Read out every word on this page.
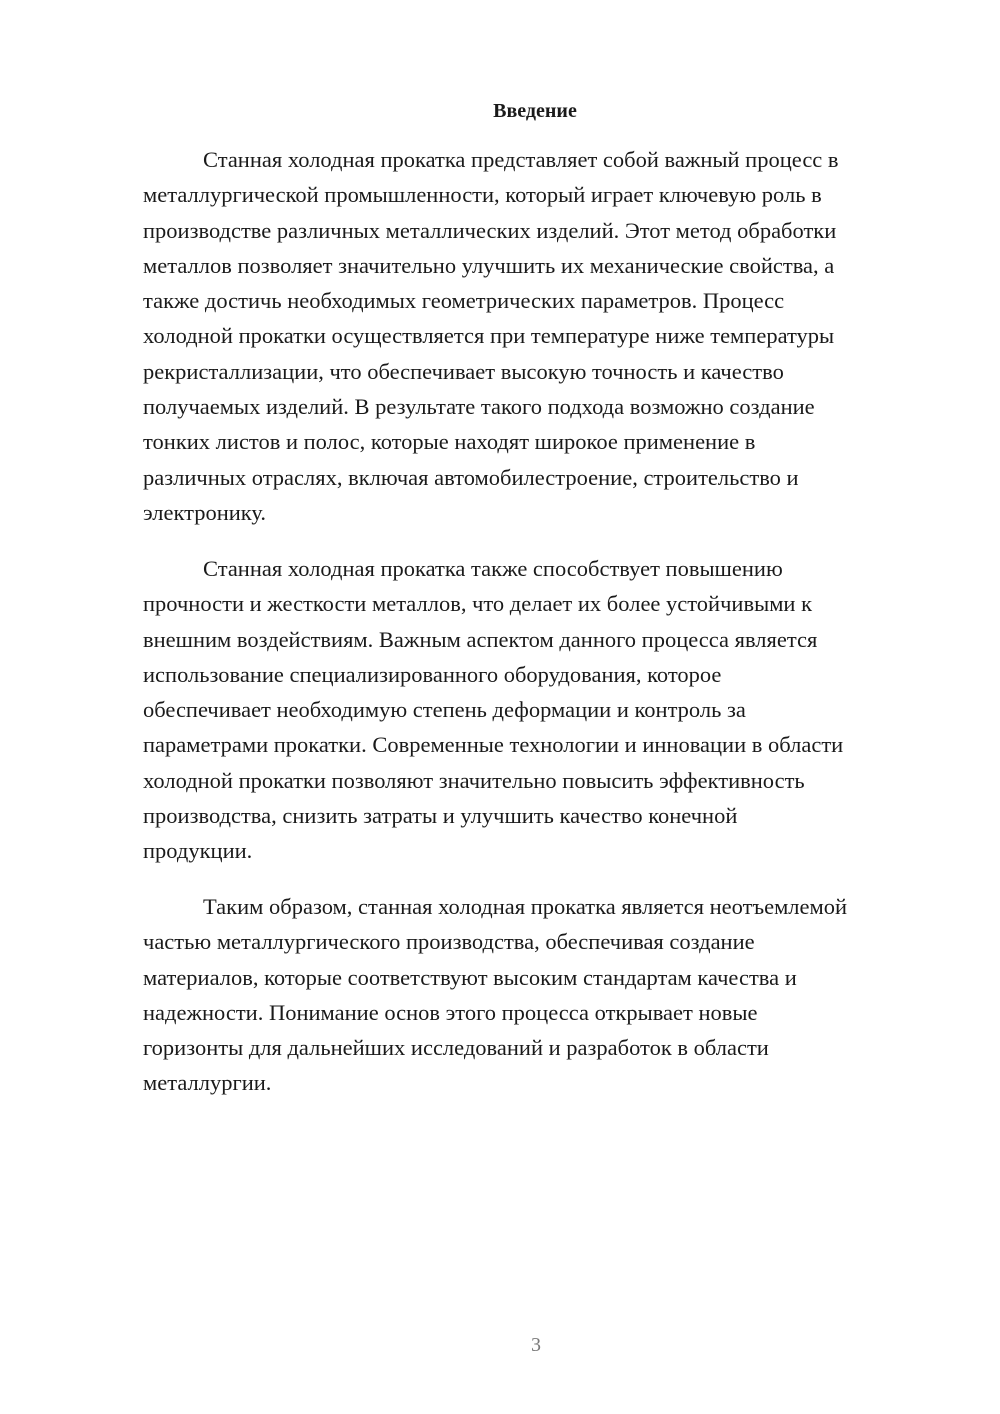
Введение

Станная холодная прокатка представляет собой важный процесс в
металлургической промышленности, который играет ключевую роль в
производстве различных металлических изделий. Этот метод обработки
металлов позволяет значительно улучшить их механические свойства, а
также достичь необходимых геометрических параметров. Процесс
холодной прокатки осуществляется при температуре ниже температуры
рекристаллизации, что обеспечивает высокую точность и качество
получаемых изделий. В результате такого подхода возможно создание
тонких листов и полос, которые находят широкое применение в
различных отраслях, включая автомобилестроение, строительство и
электронику.

Станная холодная прокатка также способствует повышению
прочности и жесткости металлов, что делает их более устойчивыми к
внешним воздействиям. Важным аспектом данного процесса является
использование специализированного оборудования, которое
обеспечивает необходимую степень деформации и контроль за
параметрами прокатки. Современные технологии и инновации в области
холодной прокатки позволяют значительно повысить эффективность
производства, снизить затраты и улучшить качество конечной
продукции.

Таким образом, станная холодная прокатка является неотъемлемой
частью металлургического производства, обеспечивая создание
материалов, которые соответствуют высоким стандартам качества и
надежности. Понимание основ этого процесса открывает новые
горизонты для дальнейших исследований и разработок в области
металлургии.

3
